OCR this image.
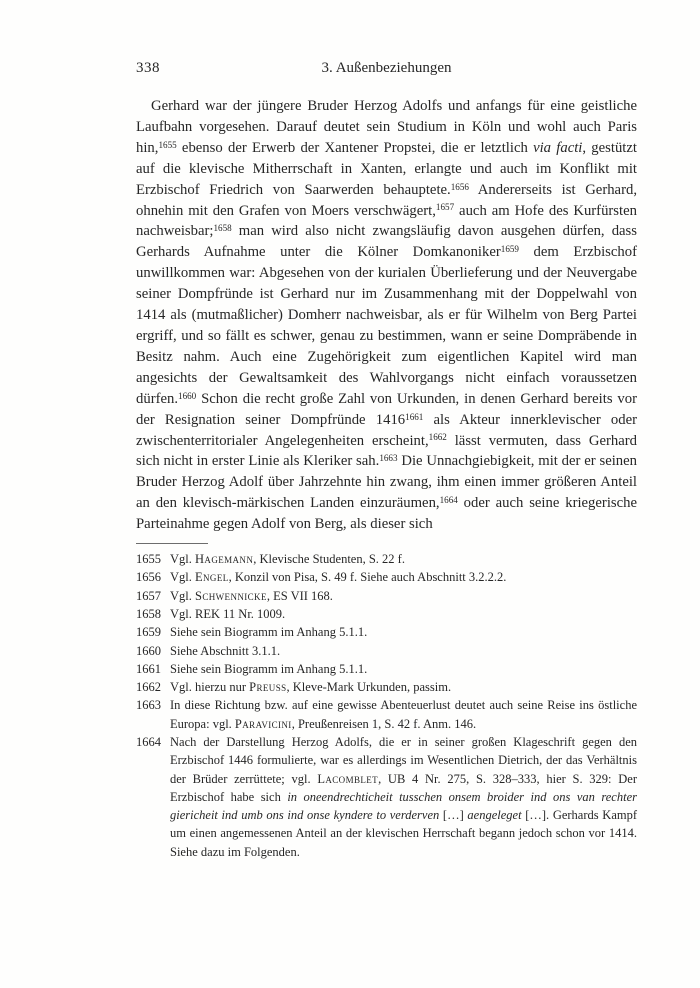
338	3. Außenbeziehungen
Gerhard war der jüngere Bruder Herzog Adolfs und anfangs für eine geistliche Laufbahn vorgesehen. Darauf deutet sein Studium in Köln und wohl auch Paris hin,$^{1655}$ ebenso der Erwerb der Xantener Propstei, die er letztlich via facti, gestützt auf die klevische Mitherrschaft in Xanten, erlangte und auch im Konflikt mit Erzbischof Friedrich von Saarwerden behauptete.$^{1656}$ Andererseits ist Gerhard, ohnehin mit den Grafen von Moers verschwägert,$^{1657}$ auch am Hofe des Kurfürsten nachweisbar;$^{1658}$ man wird also nicht zwangsläufig davon ausgehen dürfen, dass Gerhards Aufnahme unter die Kölner Domkanoniker$^{1659}$ dem Erzbischof unwillkommen war: Abgesehen von der kurialen Überlieferung und der Neuvergabe seiner Dompfründe ist Gerhard nur im Zusammenhang mit der Doppelwahl von 1414 als (mutmaßlicher) Domherr nachweisbar, als er für Wilhelm von Berg Partei ergriff, und so fällt es schwer, genau zu bestimmen, wann er seine Dompräbende in Besitz nahm. Auch eine Zugehörigkeit zum eigentlichen Kapitel wird man angesichts der Gewaltsamkeit des Wahlvorgangs nicht einfach voraussetzen dürfen.$^{1660}$ Schon die recht große Zahl von Urkunden, in denen Gerhard bereits vor der Resignation seiner Dompfründe $1416^{1661}$ als Akteur innerklevischer oder zwischenterritorialer Angelegenheiten erscheint,$^{1662}$ lässt vermuten, dass Gerhard sich nicht in erster Linie als Kleriker sah.$^{1663}$ Die Unnachgiebigkeit, mit der er seinen Bruder Herzog Adolf über Jahrzehnte hin zwang, ihm einen immer größeren Anteil an den klevisch-märkischen Landen einzuräumen,$^{1664}$ oder auch seine kriegerische Parteinahme gegen Adolf von Berg, als dieser sich
1655 Vgl. Hagemann, Klevische Studenten, S. 22 f.
1656 Vgl. Engel, Konzil von Pisa, S. 49 f. Siehe auch Abschnitt 3.2.2.2.
1657 Vgl. Schwennicke, ES VII 168.
1658 Vgl. REK 11 Nr. 1009.
1659 Siehe sein Biogramm im Anhang 5.1.1.
1660 Siehe Abschnitt 3.1.1.
1661 Siehe sein Biogramm im Anhang 5.1.1.
1662 Vgl. hierzu nur Preuss, Kleve-Mark Urkunden, passim.
1663 In diese Richtung bzw. auf eine gewisse Abenteuerlust deutet auch seine Reise ins östliche Europa: vgl. Paravicini, Preußenreisen 1, S. 42 f. Anm. 146.
1664 Nach der Darstellung Herzog Adolfs, die er in seiner großen Klageschrift gegen den Erzbischof 1446 formulierte, war es allerdings im Wesentlichen Dietrich, der das Verhältnis der Brüder zerrüttete; vgl. Lacomblet, UB 4 Nr. 275, S. 328–333, hier S. 329: Der Erzbischof habe sich in oneendrechticheit tusschen onsem broider ind ons van rechter giericheit ind umb ons ind onse kyndere to verderven […] aengeleget […]. Gerhards Kampf um einen angemessenen Anteil an der klevischen Herrschaft begann jedoch schon vor 1414. Siehe dazu im Folgenden.
